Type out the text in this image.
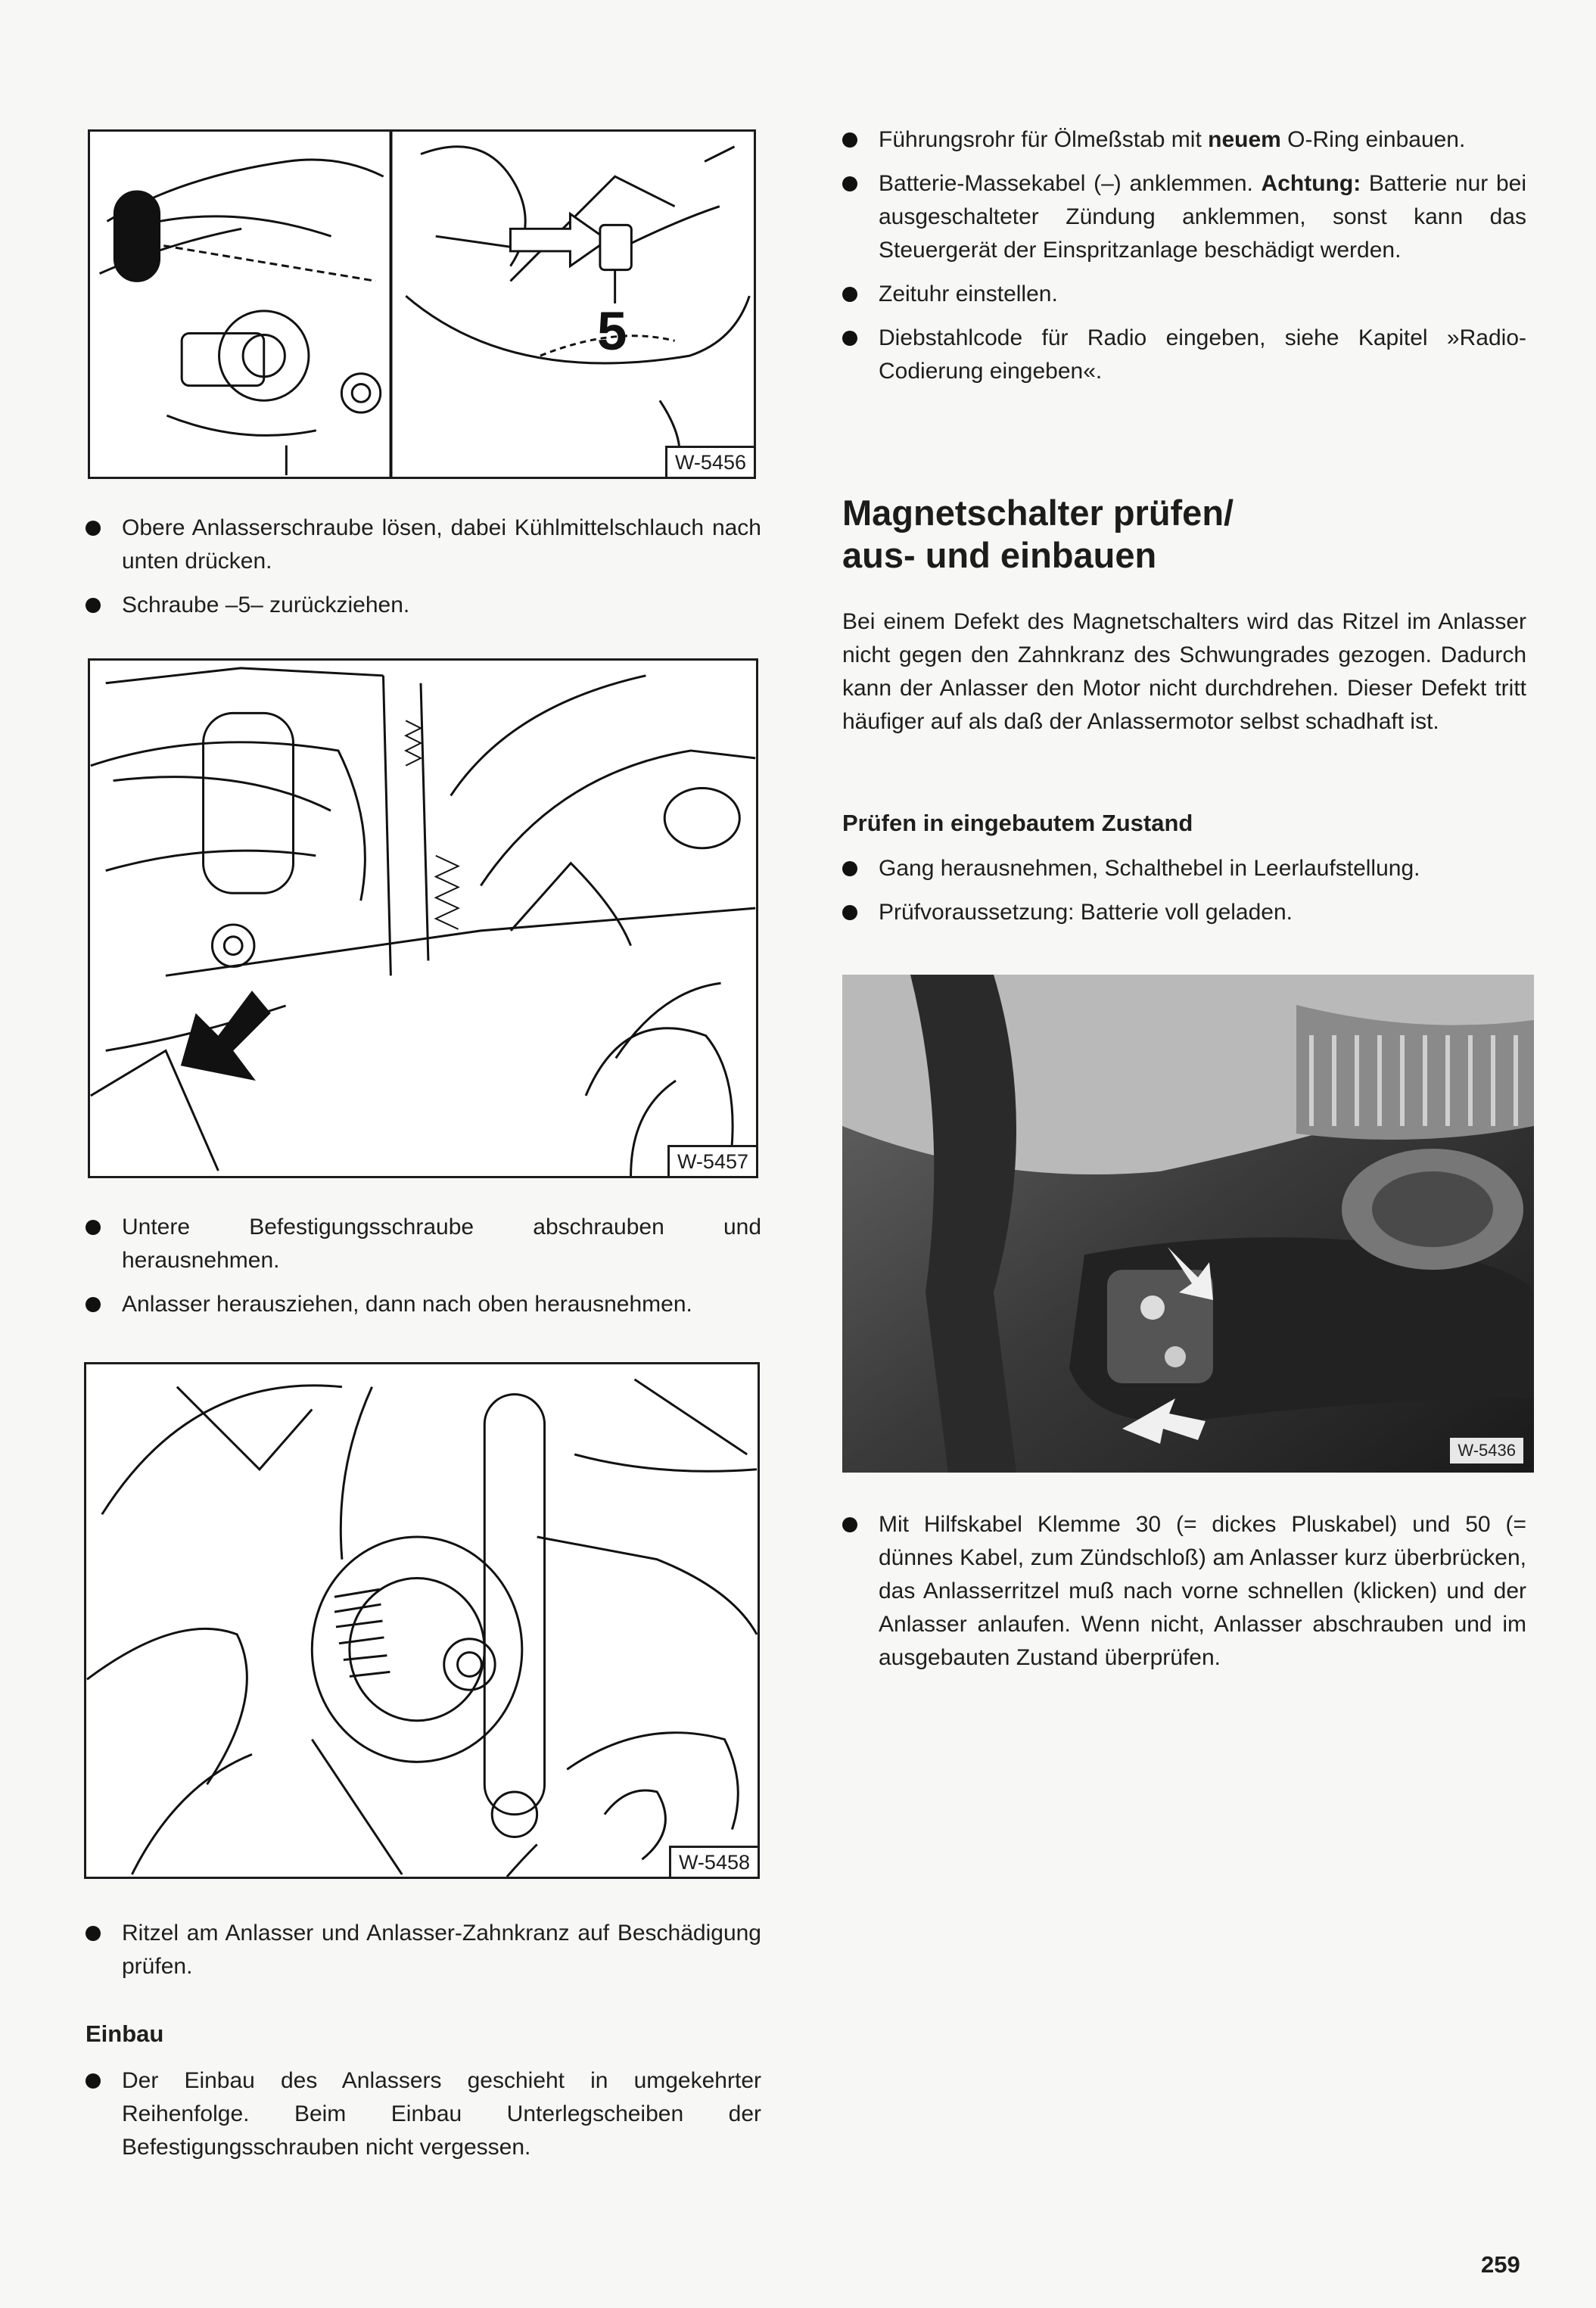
5
W-5456
Obere Anlasserschraube lösen, dabei Kühlmittelschlauch nach unten drücken.
Schraube –5– zurückziehen.
W-5457
Untere Befestigungsschraube abschrauben und herausnehmen.
Anlasser herausziehen, dann nach oben herausnehmen.
W-5458
Ritzel am Anlasser und Anlasser-Zahnkranz auf Beschädigung prüfen.
Einbau
Der Einbau des Anlassers geschieht in umgekehrter Reihenfolge. Beim Einbau Unterlegscheiben der Befestigungsschrauben nicht vergessen.
Führungsrohr für Ölmeßstab mit neuem O-Ring einbauen.
Batterie-Massekabel (–) anklemmen. Achtung: Batterie nur bei ausgeschalteter Zündung anklemmen, sonst kann das Steuergerät der Einspritzanlage beschädigt werden.
Zeituhr einstellen.
Diebstahlcode für Radio eingeben, siehe Kapitel »Radio-Codierung eingeben«.
Magnetschalter prüfen/
aus- und einbauen

Bei einem Defekt des Magnetschalters wird das Ritzel im Anlasser nicht gegen den Zahnkranz des Schwungrades gezogen. Dadurch kann der Anlasser den Motor nicht durchdrehen. Dieser Defekt tritt häufiger auf als daß der Anlassermotor selbst schadhaft ist.

Prüfen in eingebautem Zustand
Gang herausnehmen, Schalthebel in Leerlaufstellung.
Prüfvoraussetzung: Batterie voll geladen.
W-5436
Mit Hilfskabel Klemme 30 (= dickes Pluskabel) und 50 (= dünnes Kabel, zum Zündschloß) am Anlasser kurz überbrücken, das Anlasserritzel muß nach vorne schnellen (klicken) und der Anlasser anlaufen. Wenn nicht, Anlasser abschrauben und im ausgebauten Zustand überprüfen.
259
